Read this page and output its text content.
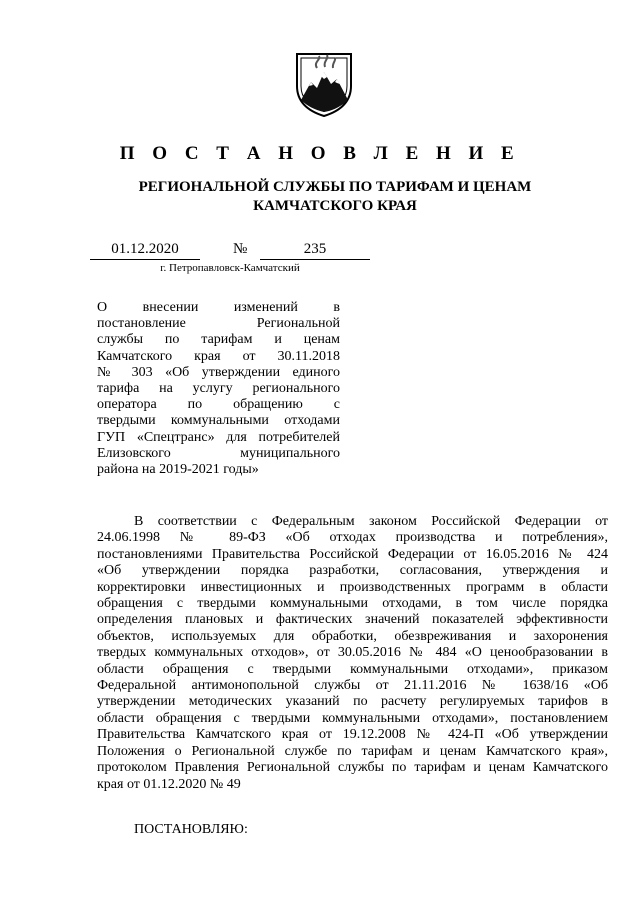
П О С Т А Н О В Л Е Н И Е
РЕГИОНАЛЬНОЙ СЛУЖБЫ ПО ТАРИФАМ И ЦЕНАМ
КАМЧАТСКОГО КРАЯ
01.12.2020	№	235
г. Петропавловск-Камчатский
О внесении изменений в
постановление Региональной
службы по тарифам и ценам
Камчатского края от 30.11.2018
№ 303 «Об утверждении единого
тарифа на услугу регионального
оператора по обращению с
твердыми коммунальными отходами
ГУП «Спецтранс» для потребителей
Елизовского муниципального
района на 2019-2021 годы»
В соответствии с Федеральным законом Российской Федерации от
24.06.1998 № 89-ФЗ «Об отходах производства и потребления»,
постановлениями Правительства Российской Федерации от 16.05.2016 № 424
«Об утверждении порядка разработки, согласования, утверждения и
корректировки инвестиционных и производственных программ в области
обращения с твердыми коммунальными отходами, в том числе порядка
определения плановых и фактических значений показателей эффективности
объектов, используемых для обработки, обезвреживания и захоронения
твердых коммунальных отходов», от 30.05.2016 № 484 «О ценообразовании в
области обращения с твердыми коммунальными отходами», приказом
Федеральной антимонопольной службы от 21.11.2016 № 1638/16 «Об
утверждении методических указаний по расчету регулируемых тарифов в
области обращения с твердыми коммунальными отходами», постановлением
Правительства Камчатского края от 19.12.2008 № 424-П «Об утверждении
Положения о Региональной службе по тарифам и ценам Камчатского края»,
протоколом Правления Региональной службы по тарифам и ценам Камчатского
края от 01.12.2020 № 49
ПОСТАНОВЛЯЮ:
